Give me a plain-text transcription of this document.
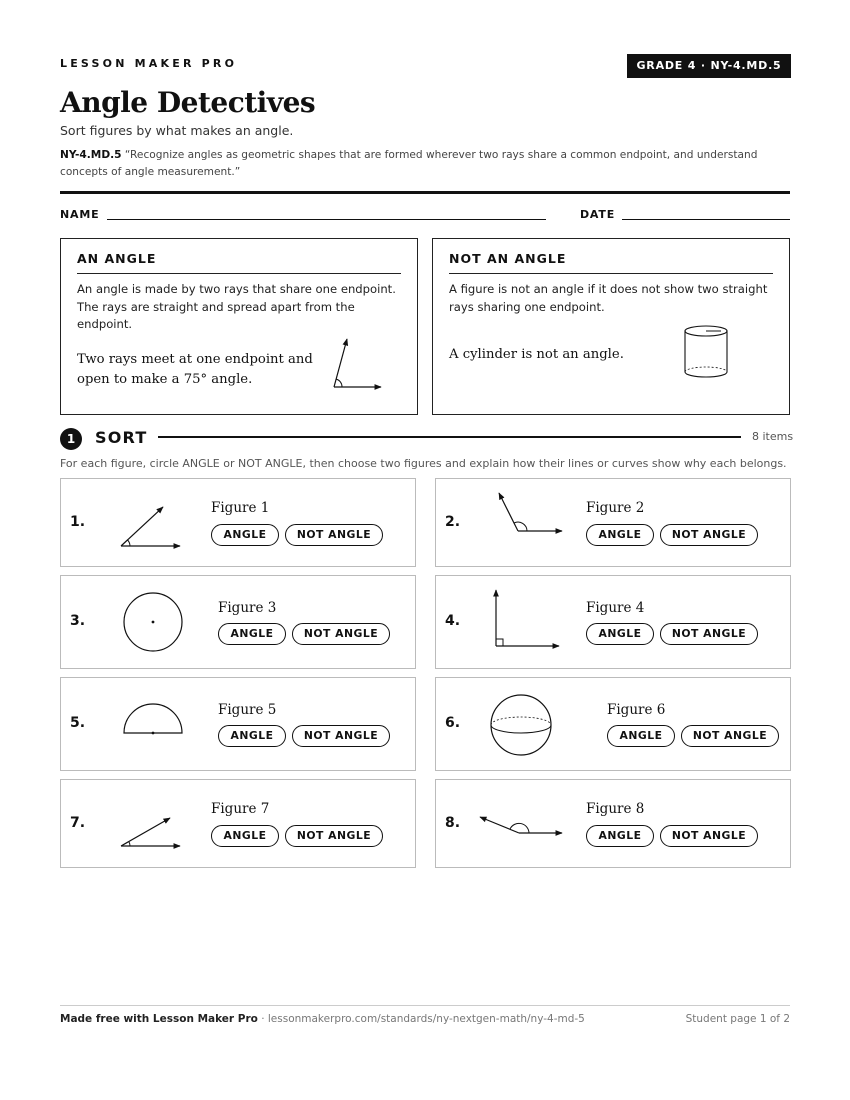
LESSON MAKER PRO	GRADE 4 · NY-4.MD.5
Angle Detectives
Sort figures by what makes an angle.
NY-4.MD.5 “Recognize angles as geometric shapes that are formed wherever two rays share a common endpoint, and understand concepts of angle measurement.”
NAME	DATE
AN ANGLE
An angle is made by two rays that share one endpoint. The rays are straight and spread apart from the endpoint.
Two rays meet at one endpoint and open to make a 75° angle.
NOT AN ANGLE
A figure is not an angle if it does not show two straight rays sharing one endpoint.
A cylinder is not an angle.
1	SORT	8 items
For each figure, circle ANGLE or NOT ANGLE, then choose two figures and explain how their lines or curves show why each belongs.
1.
Figure 1
ANGLE	NOT ANGLE
2.
Figure 2
ANGLE	NOT ANGLE
3.
Figure 3
ANGLE	NOT ANGLE
4.
Figure 4
ANGLE	NOT ANGLE
5.
Figure 5
ANGLE	NOT ANGLE
6.
Figure 6
ANGLE	NOT ANGLE
7.
Figure 7
ANGLE	NOT ANGLE
8.
Figure 8
ANGLE	NOT ANGLE
Made free with Lesson Maker Pro · lessonmakerpro.com/standards/ny-nextgen-math/ny-4-md-5	Student page 1 of 2
